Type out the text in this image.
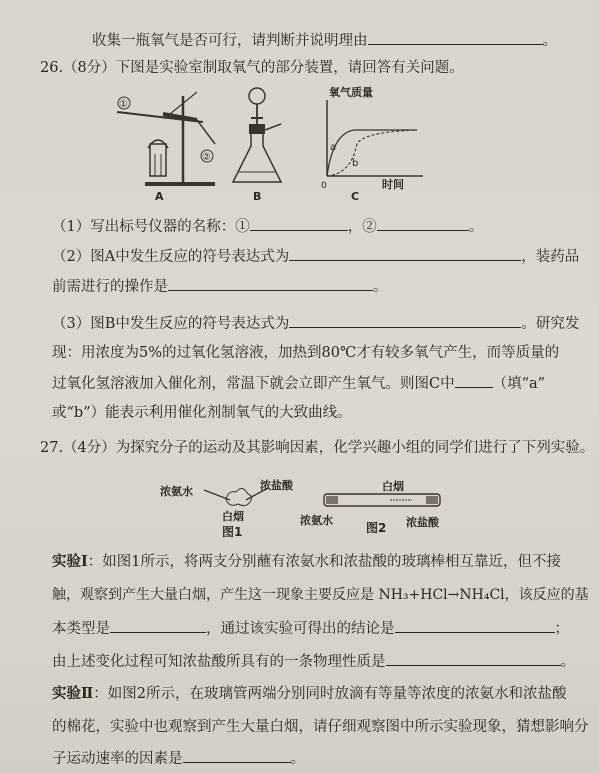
收集一瓶氧气是否可行，请判断并说明理由	。
26.（8分）下图是实验室制取氧气的部分装置，请回答有关问题。
①
②
A	B
氧气质量
时间
0
a
b
C
（1）写出标号仪器的名称：①	，②	。
（2）图A中发生反应的符号表达式为	，装药品
前需进行的操作是	。
（3）图B中发生反应的符号表达式为	。研究发
现：用浓度为5%的过氧化氢溶液，加热到80℃才有较多氧气产生，而等质量的
过氧化氢溶液加入催化剂，常温下就会立即产生氧气。则图C中	（填“a”
或“b”）能表示利用催化剂制氧气的大致曲线。
27.（4分）为探究分子的运动及其影响因素，化学兴趣小组的同学们进行了下列实验。
浓氨水	浓盐酸
白烟
图1
白烟
浓氨水	浓盐酸
图2
实验Ⅰ：如图1所示，将两支分别蘸有浓氨水和浓盐酸的玻璃棒相互靠近，但不接
触，观察到产生大量白烟，产生这一现象主要反应是 NH₃+HCl→NH₄Cl，该反应的基
本类型是	，通过该实验可得出的结论是	；
由上述变化过程可知浓盐酸所具有的一条物理性质是	。
实验Ⅱ：如图2所示，在玻璃管两端分别同时放滴有等量等浓度的浓氨水和浓盐酸
的棉花，实验中也观察到产生大量白烟，请仔细观察图中所示实验现象，猜想影响分
子运动速率的因素是	。
